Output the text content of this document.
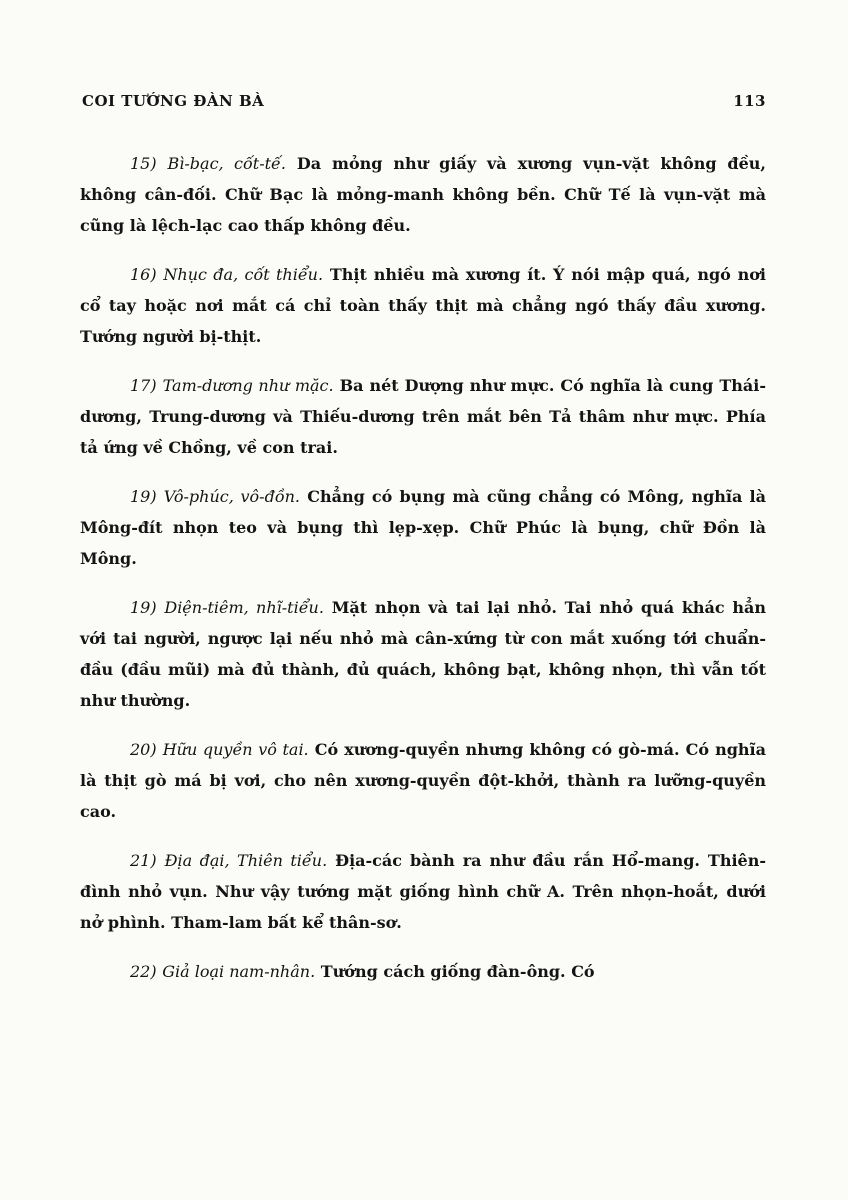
COI TƯỚNG ĐÀN BÀ	113

15) Bì-bạc, cốt-tế. Da mỏng như giấy và xương vụn-vặt không đều, không cân-đối. Chữ Bạc là mỏng-manh không bền. Chữ Tế là vụn-vặt mà cũng là lệch-lạc cao thấp không đều.

16) Nhục đa, cốt thiểu. Thịt nhiều mà xương ít. Ý nói mập quá, ngó nơi cổ tay hoặc nơi mắt cá chỉ toàn thấy thịt mà chẳng ngó thấy đầu xương. Tướng người bị-thịt.

17) Tam-dương như mặc. Ba nét Dượng như mực. Có nghĩa là cung Thái-dương, Trung-dương và Thiếu-dương trên mắt bên Tả thâm như mực. Phía tả ứng về Chồng, về con trai.

19) Vô-phúc, vô-đồn. Chẳng có bụng mà cũng chẳng có Mông, nghĩa là Mông-đít nhọn teo và bụng thì lẹp-xẹp. Chữ Phúc là bụng, chữ Đồn là Mông.

19) Diện-tiêm, nhĩ-tiểu. Mặt nhọn và tai lại nhỏ. Tai nhỏ quá khác hẳn với tai người, ngược lại nếu nhỏ mà cân-xứng từ con mắt xuống tới chuẩn-đầu (đầu mũi) mà đủ thành, đủ quách, không bạt, không nhọn, thì vẫn tốt như thường.

20) Hữu quyền vô tai. Có xương-quyền nhưng không có gò-má. Có nghĩa là thịt gò má bị vơi, cho nên xương-quyền đột-khởi, thành ra lưỡng-quyền cao.

21) Địa đại, Thiên tiểu. Địa-các bành ra như đầu rắn Hổ-mang. Thiên-đình nhỏ vụn. Như vậy tướng mặt giống hình chữ A. Trên nhọn-hoắt, dưới nở phình. Tham-lam bất kể thân-sơ.

22) Giả loại nam-nhân. Tướng cách giống đàn-ông. Có
